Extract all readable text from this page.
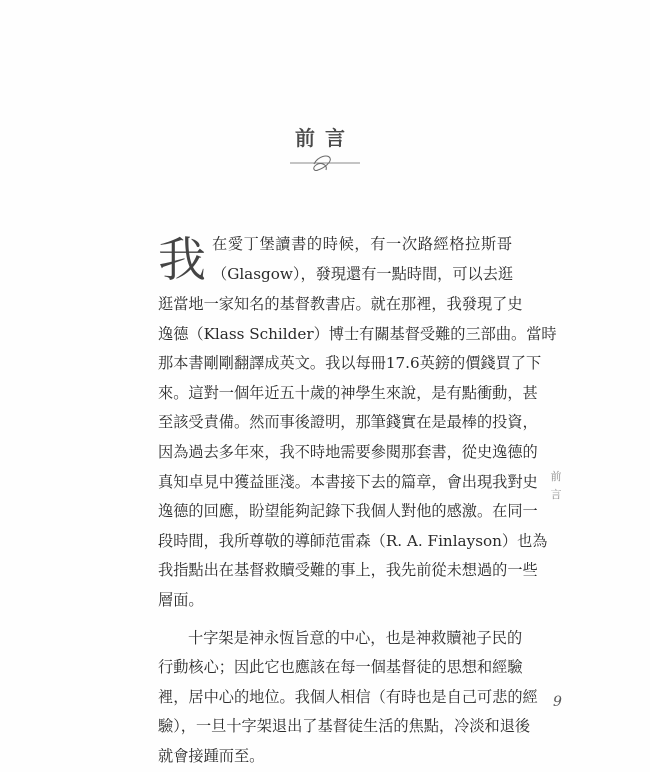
前言
我 在愛丁堡讀書的時候，有一次路經格拉斯哥
（Glasgow），發現還有一點時間，可以去逛
逛當地一家知名的基督教書店。就在那裡，我發現了史
逸德（Klass Schilder）博士有關基督受難的三部曲。當時
那本書剛剛翻譯成英文。我以每冊17.6英鎊的價錢買了下
來。這對一個年近五十歲的神學生來說，是有點衝動，甚
至該受責備。然而事後證明，那筆錢實在是最棒的投資，
因為過去多年來，我不時地需要參閱那套書，從史逸德的
真知卓見中獲益匪淺。本書接下去的篇章，會出現我對史
逸德的回應，盼望能夠記錄下我個人對他的感激。在同一
段時間，我所尊敬的導師范雷森（R. A. Finlayson）也為
我指點出在基督救贖受難的事上，我先前從未想過的一些
層面。
十字架是神永恆旨意的中心，也是神救贖祂子民的
行動核心；因此它也應該在每一個基督徒的思想和經驗
裡，居中心的地位。我個人相信（有時也是自己可悲的經
驗），一旦十字架退出了基督徒生活的焦點，冷淡和退後
就會接踵而至。
前言
9
